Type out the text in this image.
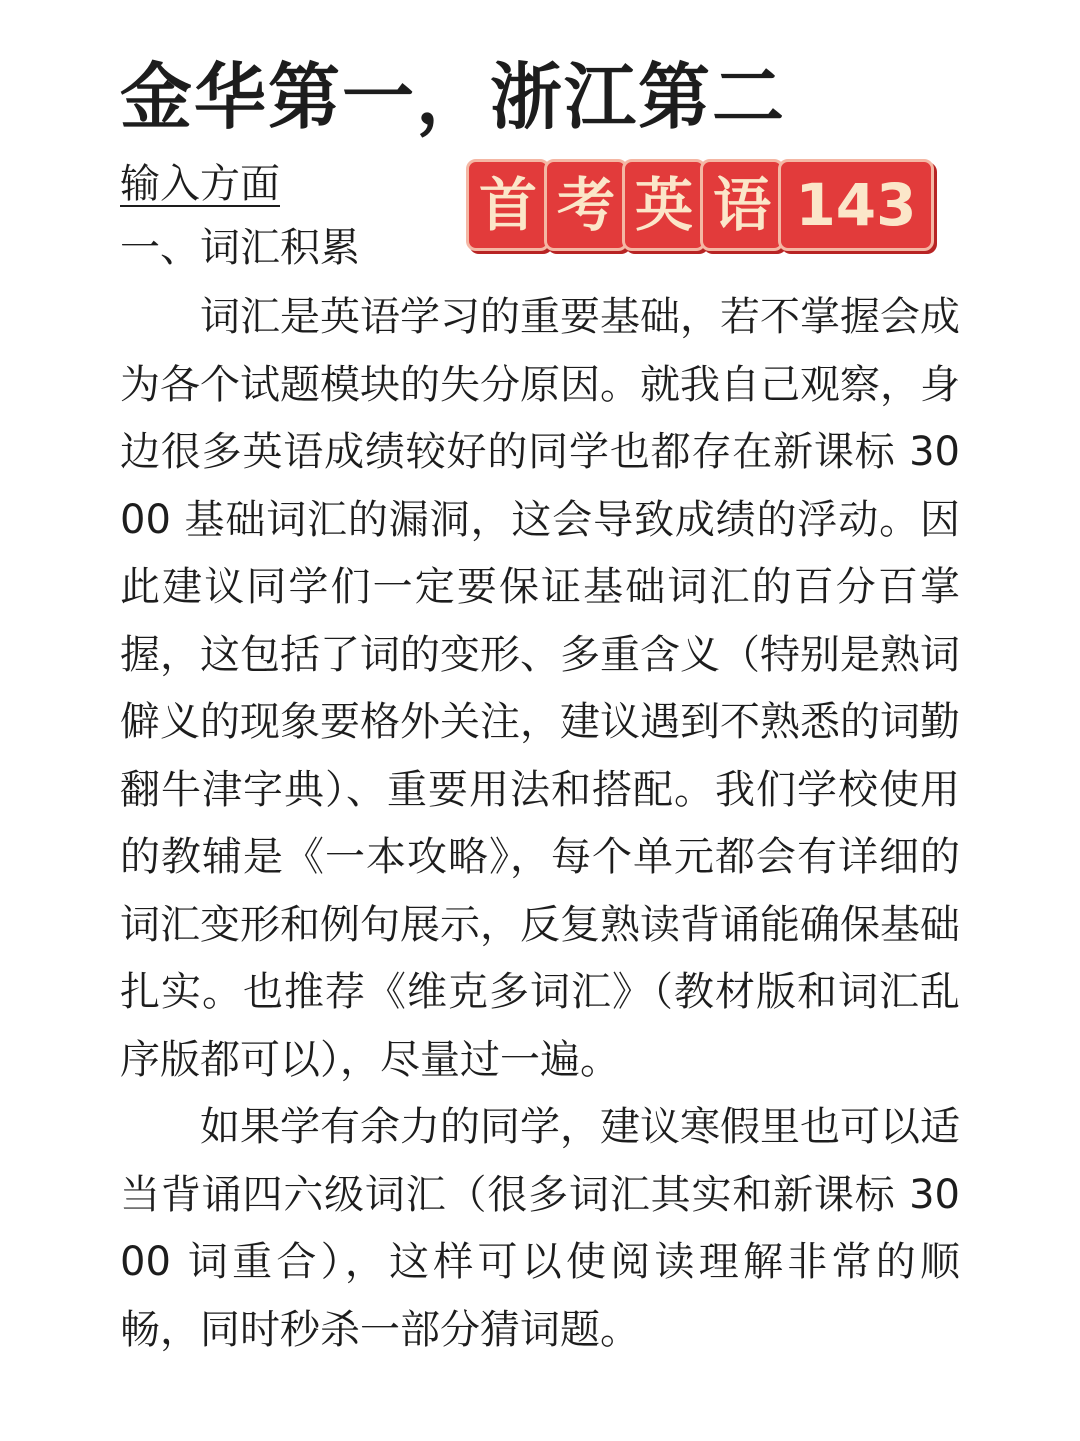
金华第一，浙江第二
输入方面
一、词汇积累
首 考 英 语 143

词汇是英语学习的重要基础，若不掌握会成为各个试题模块的失分原因。就我自己观察，身边很多英语成绩较好的同学也都存在新课标 3000 基础词汇的漏洞，这会导致成绩的浮动。因此建议同学们一定要保证基础词汇的百分百掌握，这包括了词的变形、多重含义（特别是熟词僻义的现象要格外关注，建议遇到不熟悉的词勤翻牛津字典）、重要用法和搭配。我们学校使用的教辅是《一本攻略》，每个单元都会有详细的词汇变形和例句展示，反复熟读背诵能确保基础扎实。也推荐《维克多词汇》（教材版和词汇乱序版都可以），尽量过一遍。

如果学有余力的同学，建议寒假里也可以适当背诵四六级词汇（很多词汇其实和新课标 3000 词重合），这样可以使阅读理解非常的顺畅，同时秒杀一部分猜词题。
